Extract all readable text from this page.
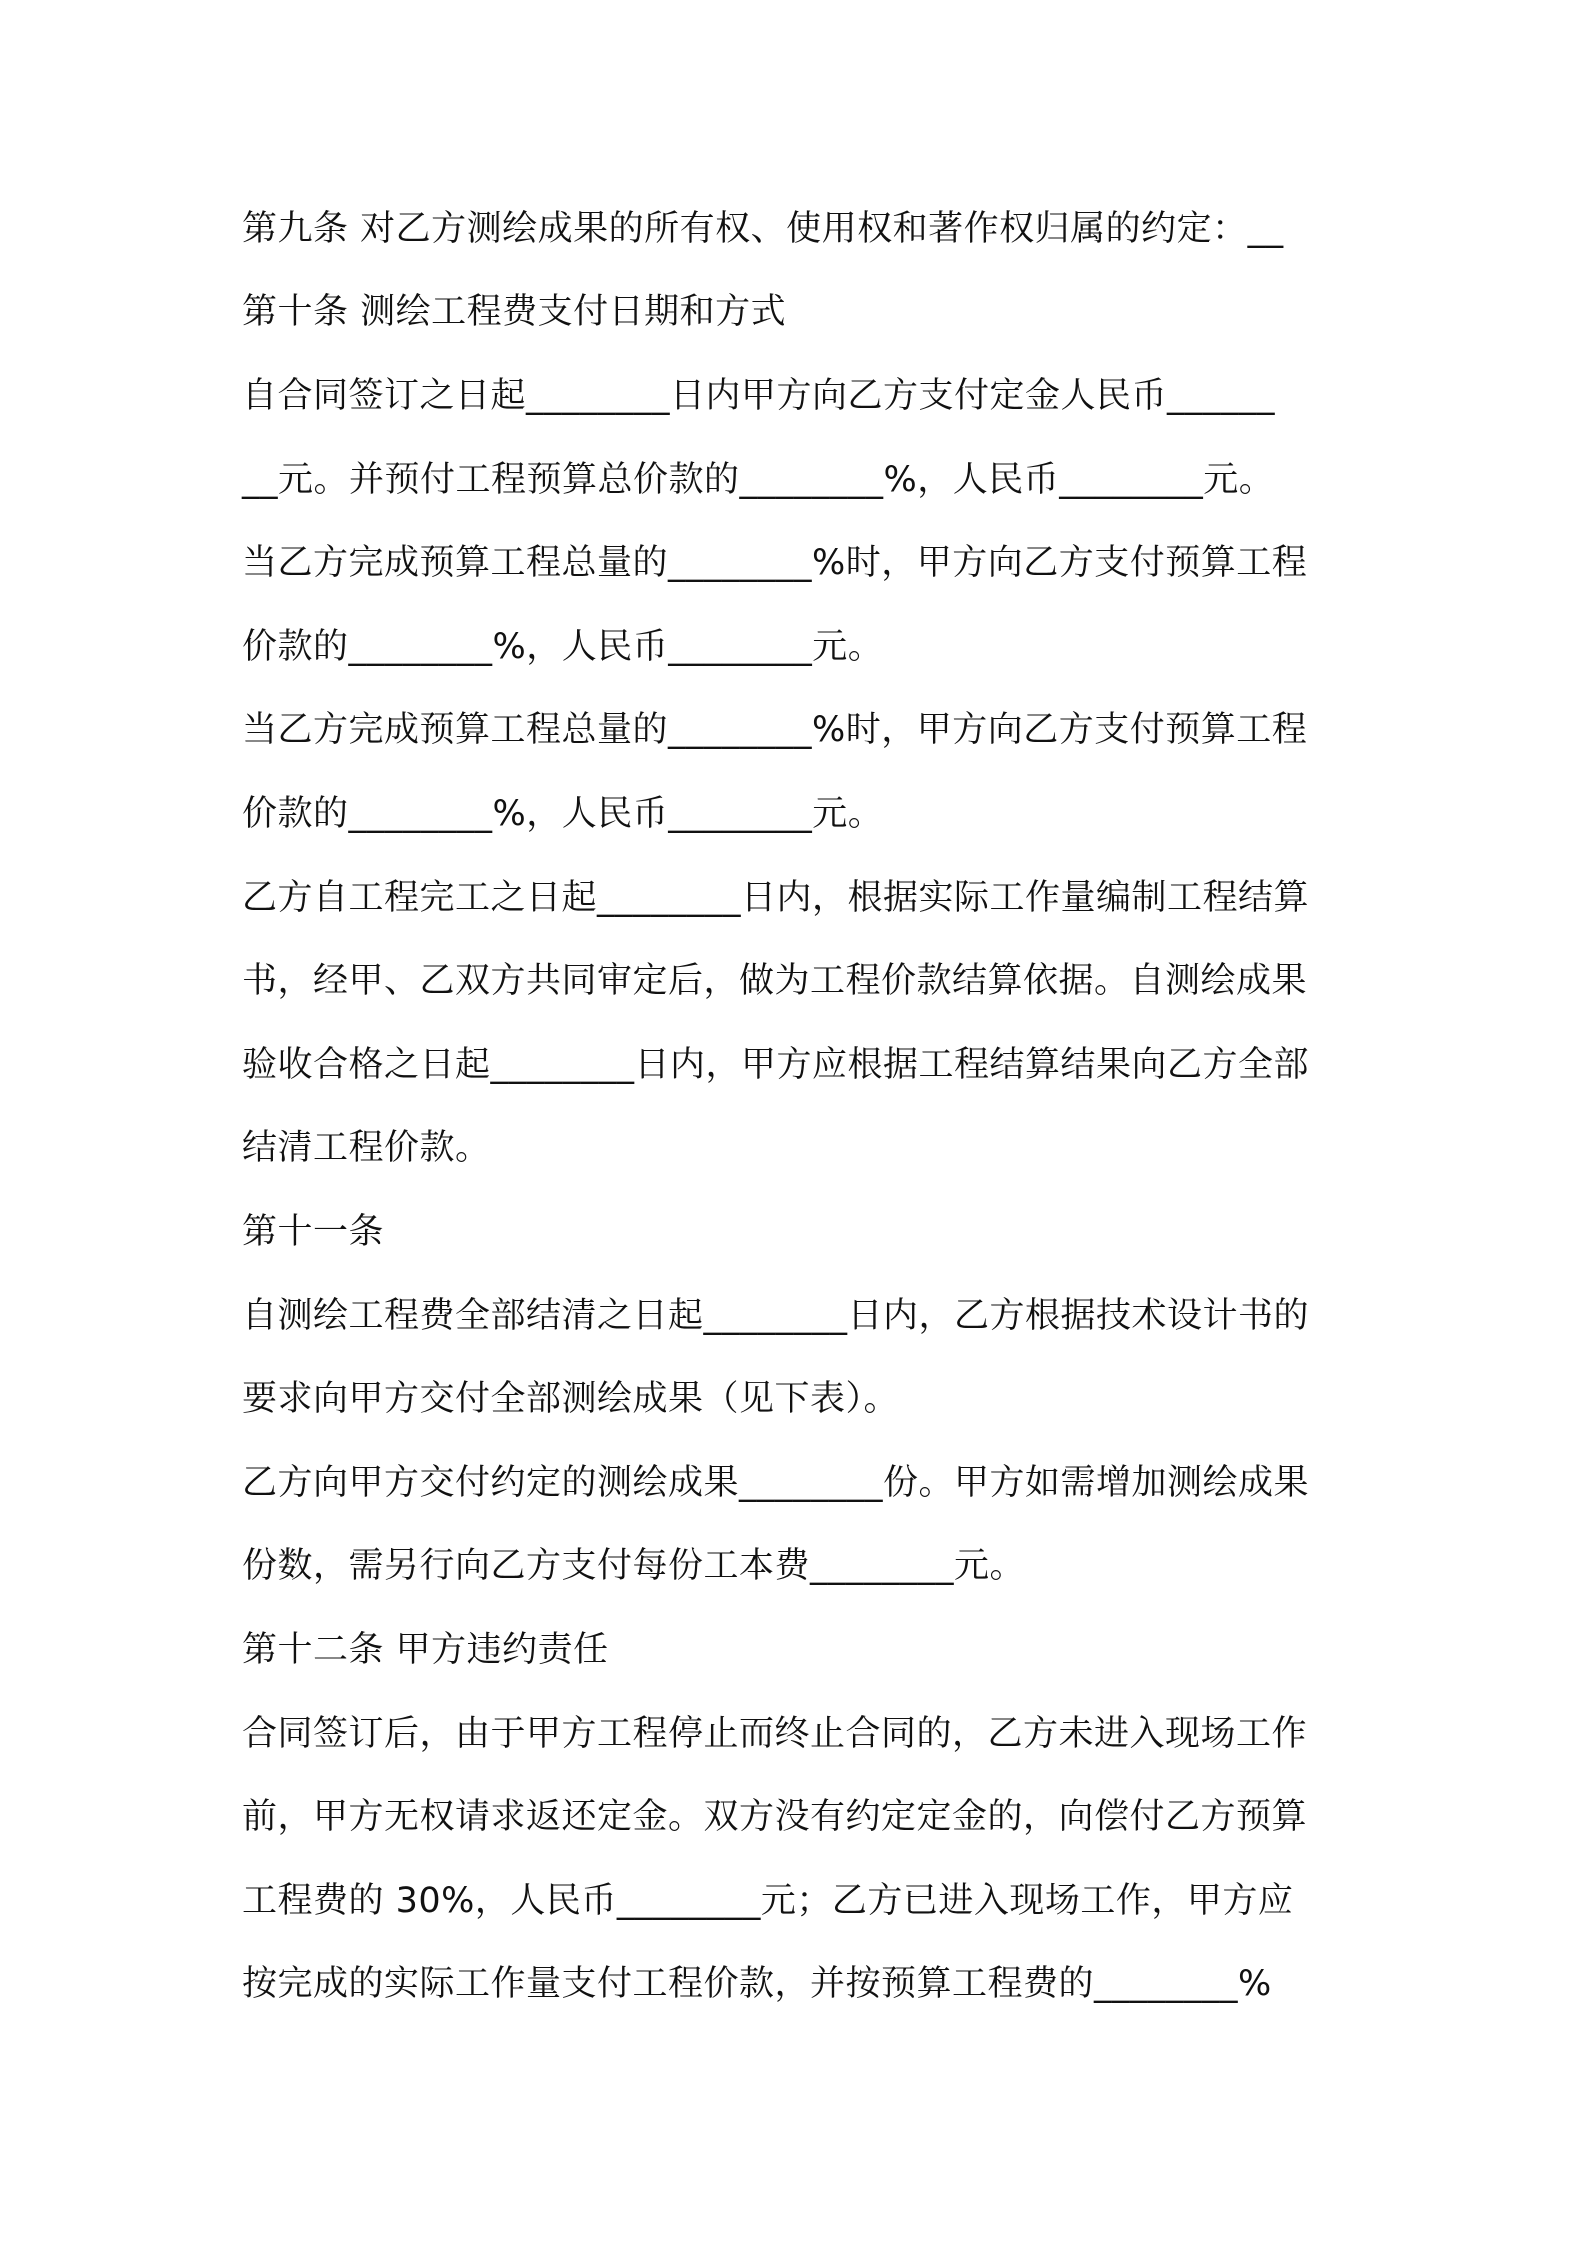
第九条 对乙方测绘成果的所有权、使用权和著作权归属的约定：__
第十条 测绘工程费支付日期和方式
自合同签订之日起________日内甲方向乙方支付定金人民币______
__元。并预付工程预算总价款的________%，人民币________元。
当乙方完成预算工程总量的________%时，甲方向乙方支付预算工程
价款的________%，人民币________元。
当乙方完成预算工程总量的________%时，甲方向乙方支付预算工程
价款的________%，人民币________元。
乙方自工程完工之日起________日内，根据实际工作量编制工程结算
书，经甲、乙双方共同审定后，做为工程价款结算依据。自测绘成果
验收合格之日起________日内，甲方应根据工程结算结果向乙方全部
结清工程价款。
第十一条
自测绘工程费全部结清之日起________日内，乙方根据技术设计书的
要求向甲方交付全部测绘成果（见下表）。
乙方向甲方交付约定的测绘成果________份。甲方如需增加测绘成果
份数，需另行向乙方支付每份工本费________元。
第十二条 甲方违约责任
合同签订后，由于甲方工程停止而终止合同的，乙方未进入现场工作
前，甲方无权请求返还定金。双方没有约定定金的，向偿付乙方预算
工程费的 30%，人民币________元；乙方已进入现场工作，甲方应
按完成的实际工作量支付工程价款，并按预算工程费的________%
